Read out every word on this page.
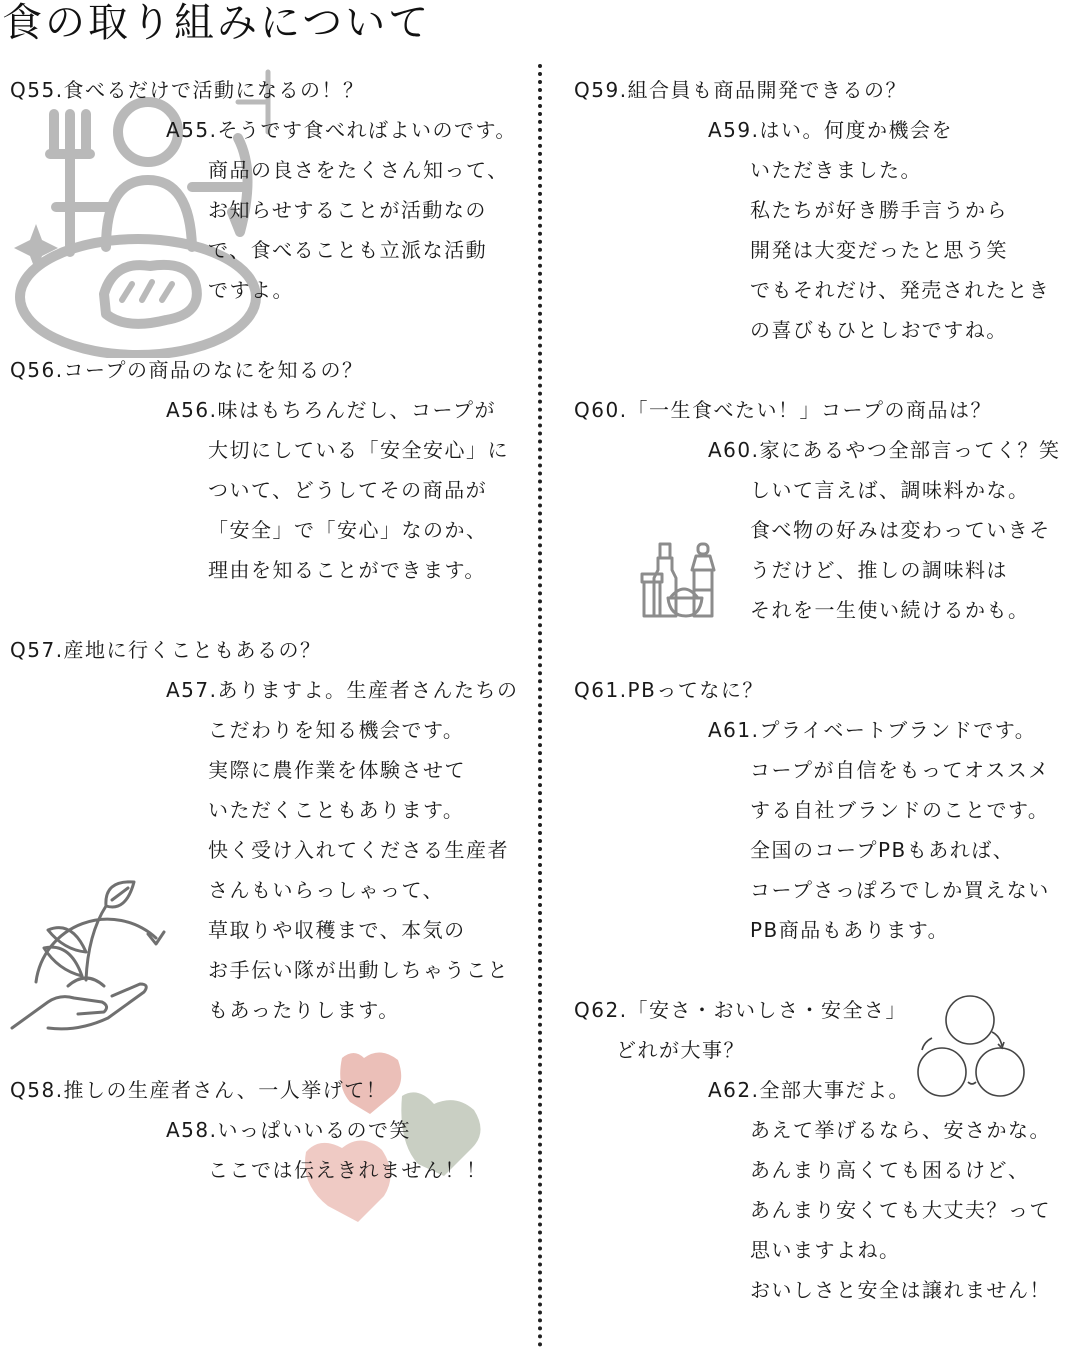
食の取り組みについて
Q55.食べるだけで活動になるの！？
A55.そうです食べればよいのです。
商品の良さをたくさん知って、
お知らせすることが活動なの
で、食べることも立派な活動
ですよ。
Q56.コープの商品のなにを知るの？
A56.味はもちろんだし、コープが
大切にしている「安全安心」に
ついて、どうしてその商品が
「安全」で「安心」なのか、
理由を知ることができます。
Q57.産地に行くこともあるの？
A57.ありますよ。生産者さんたちの
こだわりを知る機会です。
実際に農作業を体験させて
いただくこともあります。
快く受け入れてくださる生産者
さんもいらっしゃって、
草取りや収穫まで、本気の
お手伝い隊が出動しちゃうこと
もあったりします。
Q58.推しの生産者さん、一人挙げて！
A58.いっぱいいるので笑
ここでは伝えきれません！！
Q59.組合員も商品開発できるの？
A59.はい。何度か機会を
いただきました。
私たちが好き勝手言うから
開発は大変だったと思う笑
でもそれだけ、発売されたとき
の喜びもひとしおですね。
Q60.「一生食べたい！」コープの商品は？
A60.家にあるやつ全部言ってく？笑
しいて言えば、調味料かな。
食べ物の好みは変わっていきそ
うだけど、推しの調味料は
それを一生使い続けるかも。
Q61.PBってなに？
A61.プライベートブランドです。
コープが自信をもってオススメ
する自社ブランドのことです。
全国のコープPBもあれば、
コープさっぽろでしか買えない
PB商品もあります。
Q62.「安さ・おいしさ・安全さ」
どれが大事？
A62.全部大事だよ。
あえて挙げるなら、安さかな。
あんまり高くても困るけど、
あんまり安くても大丈夫？って
思いますよね。
おいしさと安全は譲れません！
